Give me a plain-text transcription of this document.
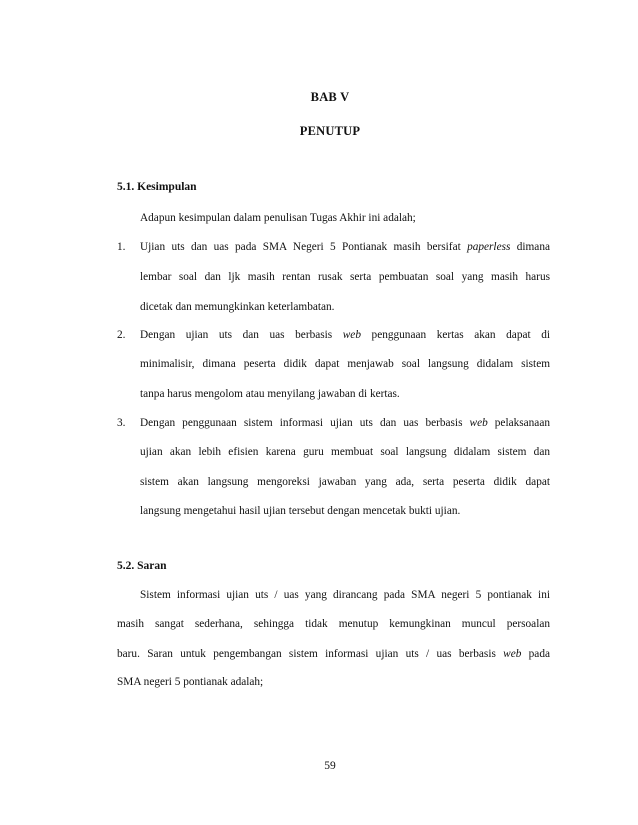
BAB V
PENUTUP
5.1. Kesimpulan
Adapun kesimpulan dalam penulisan Tugas Akhir ini adalah;
1. Ujian uts dan uas pada SMA Negeri 5 Pontianak masih bersifat paperless dimana
lembar soal dan ljk masih rentan rusak serta pembuatan soal yang masih harus
dicetak dan memungkinkan keterlambatan.
2. Dengan ujian uts dan uas berbasis web penggunaan kertas akan dapat di
minimalisir, dimana peserta didik dapat menjawab soal langsung didalam sistem
tanpa harus mengolom atau menyilang jawaban di kertas.
3. Dengan penggunaan sistem informasi ujian uts dan uas berbasis web pelaksanaan
ujian akan lebih efisien karena guru membuat soal langsung didalam sistem dan
sistem akan langsung mengoreksi jawaban yang ada, serta peserta didik dapat
langsung mengetahui hasil ujian tersebut dengan mencetak bukti ujian.
5.2. Saran
Sistem informasi ujian uts / uas yang dirancang pada SMA negeri 5 pontianak ini
masih sangat sederhana, sehingga tidak menutup kemungkinan muncul persoalan
baru. Saran untuk pengembangan sistem informasi ujian uts / uas berbasis web pada
SMA negeri 5 pontianak adalah;
59
